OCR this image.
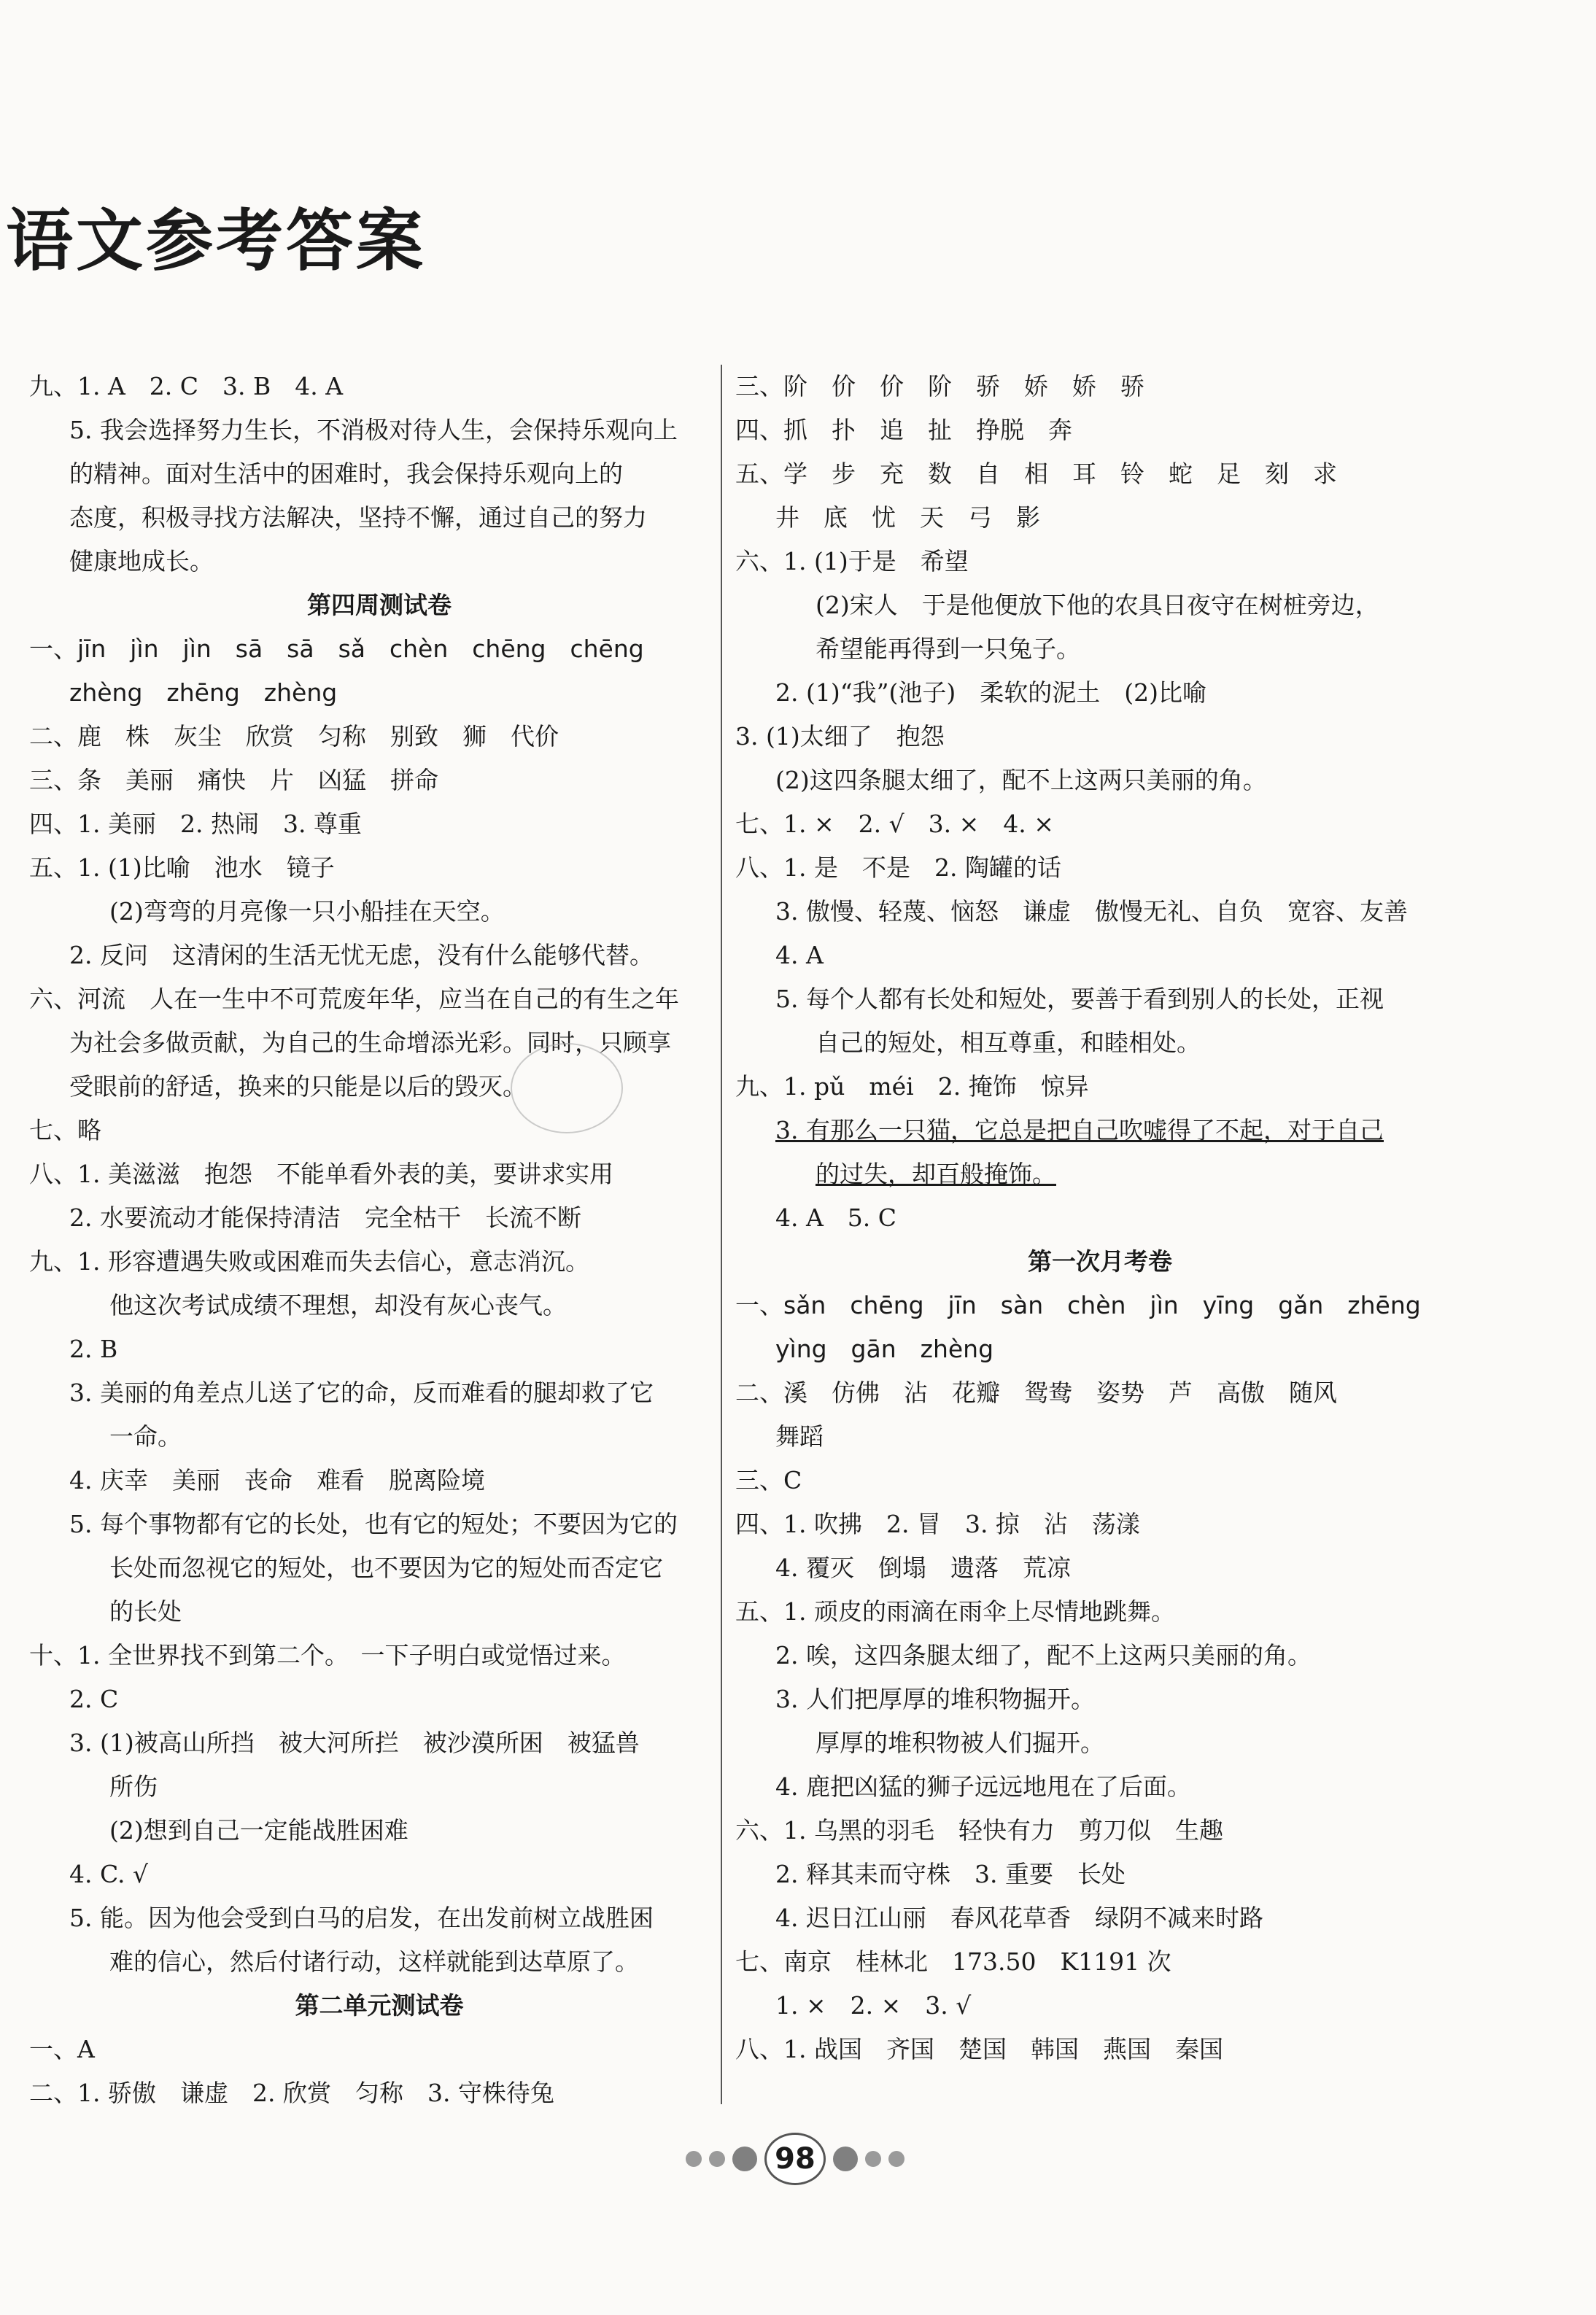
语文参考答案
九、1. A　2. C　3. B　4. A
5. 我会选择努力生长，不消极对待人生，会保持乐观向上
的精神。面对生活中的困难时，我会保持乐观向上的
态度，积极寻找方法解决，坚持不懈，通过自己的努力
健康地成长。
第四周测试卷
一、jīn　jìn　jìn　sā　sā　sǎ　chèn　chēng　chēng
zhèng　zhēng　zhèng
二、鹿　株　灰尘　欣赏　匀称　别致　狮　代价
三、条　美丽　痛快　片　凶猛　拼命
四、1. 美丽　2. 热闹　3. 尊重
五、1. (1)比喻　池水　镜子
(2)弯弯的月亮像一只小船挂在天空。
2. 反问　这清闲的生活无忧无虑，没有什么能够代替。
六、河流　人在一生中不可荒废年华，应当在自己的有生之年
为社会多做贡献，为自己的生命增添光彩。同时，只顾享
受眼前的舒适，换来的只能是以后的毁灭。
七、略
八、1. 美滋滋　抱怨　不能单看外表的美，要讲求实用
2. 水要流动才能保持清洁　完全枯干　长流不断
九、1. 形容遭遇失败或困难而失去信心，意志消沉。
他这次考试成绩不理想，却没有灰心丧气。
2. B
3. 美丽的角差点儿送了它的命，反而难看的腿却救了它
一命。
4. 庆幸　美丽　丧命　难看　脱离险境
5. 每个事物都有它的长处，也有它的短处；不要因为它的
长处而忽视它的短处，也不要因为它的短处而否定它
的长处
十、1. 全世界找不到第二个。　一下子明白或觉悟过来。
2. C
3. (1)被高山所挡　被大河所拦　被沙漠所困　被猛兽
所伤
(2)想到自己一定能战胜困难
4. C. √
5. 能。因为他会受到白马的启发，在出发前树立战胜困
难的信心，然后付诸行动，这样就能到达草原了。
第二单元测试卷
一、A
二、1. 骄傲　谦虚　2. 欣赏　匀称　3. 守株待兔
三、阶　价　价　阶　骄　娇　娇　骄
四、抓　扑　追　扯　挣脱　奔
五、学　步　充　数　自　相　耳　铃　蛇　足　刻　求
井　底　忧　天　弓　影
六、1. (1)于是　希望
(2)宋人　于是他便放下他的农具日夜守在树桩旁边，
希望能再得到一只兔子。
2. (1)“我”(池子)　柔软的泥土　(2)比喻
3. (1)太细了　抱怨
(2)这四条腿太细了，配不上这两只美丽的角。
七、1. ×　2. √　3. ×　4. ×
八、1. 是　不是　2. 陶罐的话
3. 傲慢、轻蔑、恼怒　谦虚　傲慢无礼、自负　宽容、友善
4. A
5. 每个人都有长处和短处，要善于看到别人的长处，正视
自己的短处，相互尊重，和睦相处。
九、1. pǔ　méi　2. 掩饰　惊异
3. 有那么一只猫，它总是把自己吹嘘得了不起，对于自己
的过失，却百般掩饰。
4. A　5. C
第一次月考卷
一、sǎn　chēng　jīn　sàn　chèn　jìn　yīng　gǎn　zhēng
yìng　gān　zhèng
二、溪　仿佛　沾　花瓣　鸳鸯　姿势　芦　高傲　随风
舞蹈
三、C
四、1. 吹拂　2. 冒　3. 掠　沾　荡漾
4. 覆灭　倒塌　遗落　荒凉
五、1. 顽皮的雨滴在雨伞上尽情地跳舞。
2. 唉，这四条腿太细了，配不上这两只美丽的角。
3. 人们把厚厚的堆积物掘开。
厚厚的堆积物被人们掘开。
4. 鹿把凶猛的狮子远远地甩在了后面。
六、1. 乌黑的羽毛　轻快有力　剪刀似　生趣
2. 释其耒而守株　3. 重要　长处
4. 迟日江山丽　春风花草香　绿阴不减来时路
七、南京　桂林北　173.50　K1191 次
1. ×　2. ×　3. √
八、1. 战国　齐国　楚国　韩国　燕国　秦国
98
